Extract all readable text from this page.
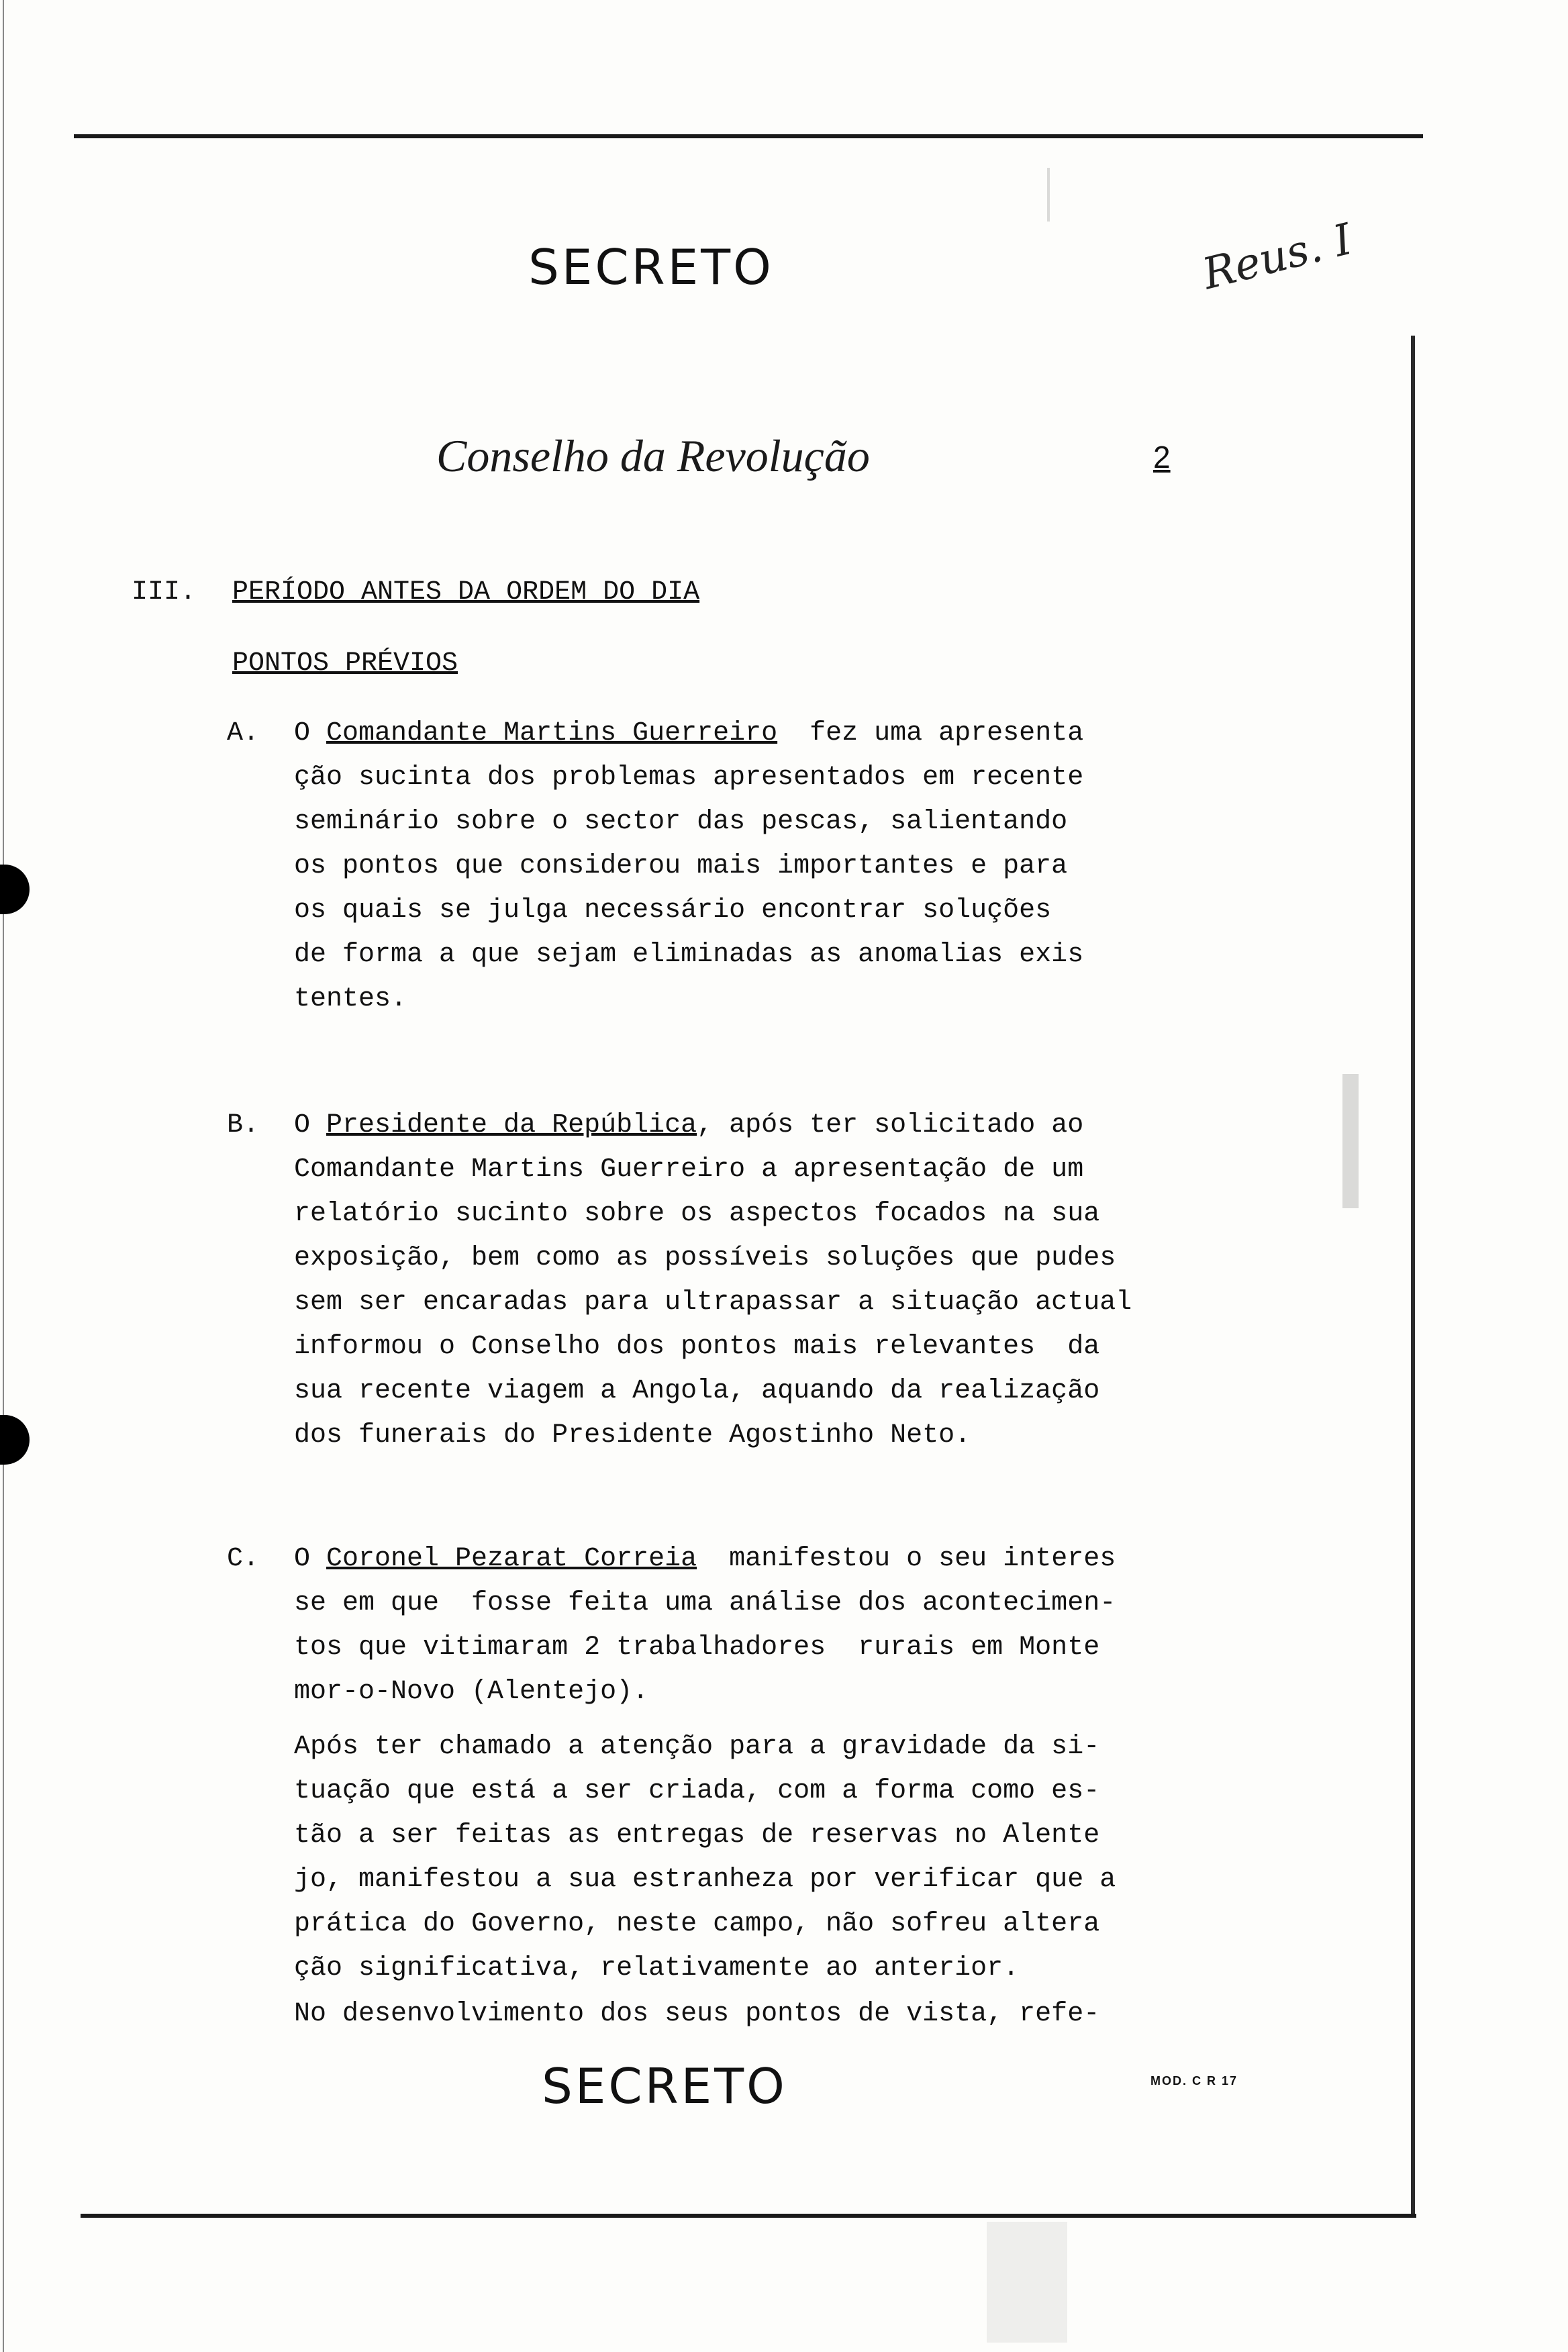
SECRETO	Reus. I
Conselho da Revolução	2
III. PERÍODO ANTES DA ORDEM DO DIA
PONTOS PRÉVIOS
A. O Comandante Martins Guerreiro  fez uma apresenta
ção sucinta dos problemas apresentados em recente
seminário sobre o sector das pescas, salientando
os pontos que considerou mais importantes e para
os quais se julga necessário encontrar soluções
de forma a que sejam eliminadas as anomalias exis
tentes.
B. O Presidente da República, após ter solicitado ao
Comandante Martins Guerreiro a apresentação de um
relatório sucinto sobre os aspectos focados na sua
exposição, bem como as possíveis soluções que pudes
sem ser encaradas para ultrapassar a situação actual
informou o Conselho dos pontos mais relevantes  da
sua recente viagem a Angola, aquando da realização
dos funerais do Presidente Agostinho Neto.
C. O Coronel Pezarat Correia  manifestou o seu interes
se em que  fosse feita uma análise dos acontecimen-
tos que vitimaram 2 trabalhadores  rurais em Monte
mor-o-Novo (Alentejo).
Após ter chamado a atenção para a gravidade da si-
tuação que está a ser criada, com a forma como es-
tão a ser feitas as entregas de reservas no Alente
jo, manifestou a sua estranheza por verificar que a
prática do Governo, neste campo, não sofreu altera
ção significativa, relativamente ao anterior.
No desenvolvimento dos seus pontos de vista, refe-
SECRETO	MOD. C R 17
